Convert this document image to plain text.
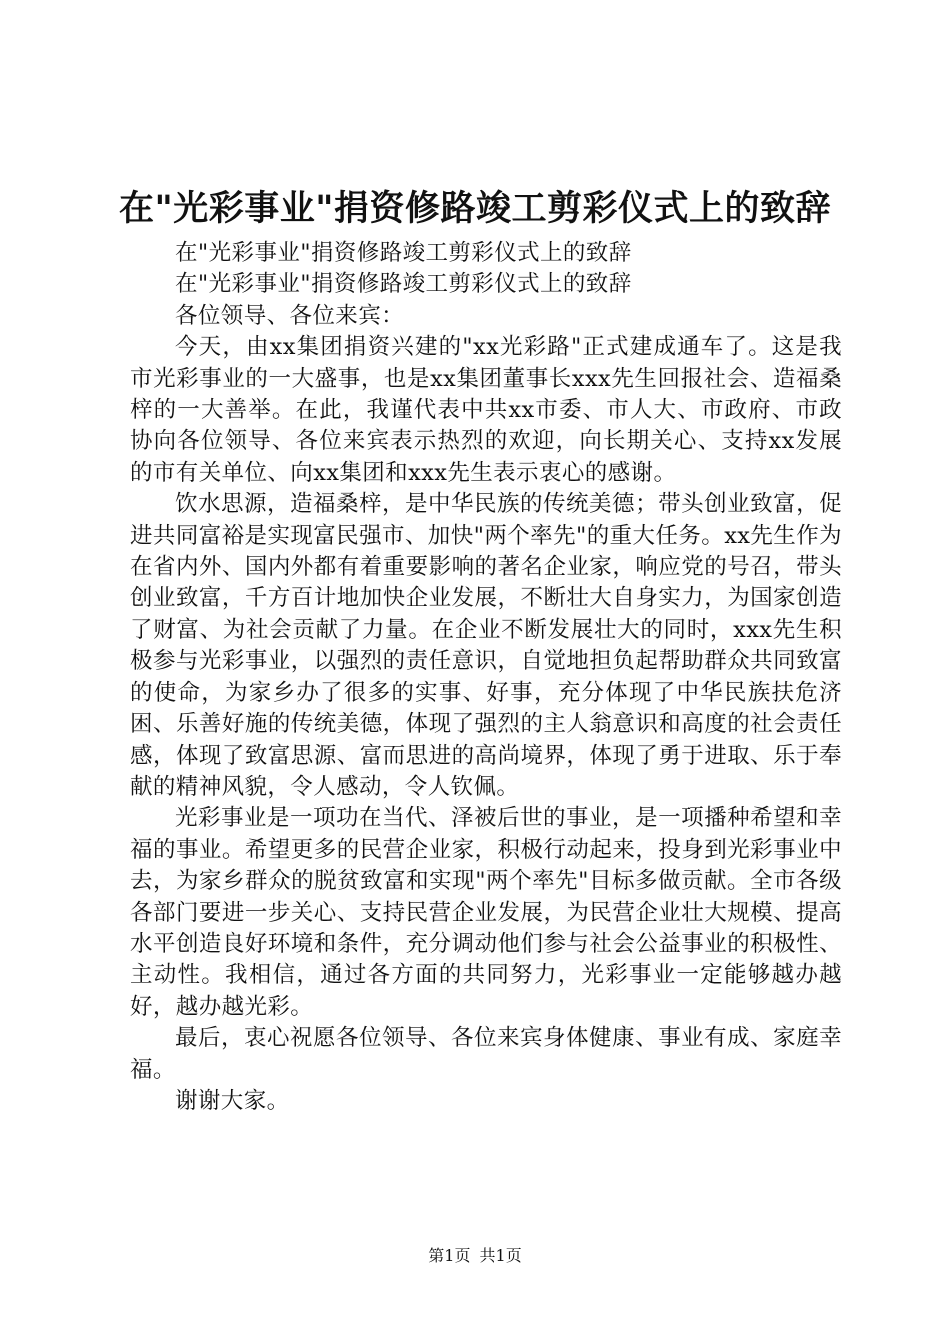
在"光彩事业"捐资修路竣工剪彩仪式上的致辞

在"光彩事业"捐资修路竣工剪彩仪式上的致辞

在"光彩事业"捐资修路竣工剪彩仪式上的致辞

各位领导、各位来宾：

今天，由xx集团捐资兴建的"xx光彩路"正式建成通车了。这是我市光彩事业的一大盛事，也是xx集团董事长xxx先生回报社会、造福桑梓的一大善举。在此，我谨代表中共xx市委、市人大、市政府、市政协向各位领导、各位来宾表示热烈的欢迎，向长期关心、支持xx发展的市有关单位、向xx集团和xxx先生表示衷心的感谢。

饮水思源，造福桑梓，是中华民族的传统美德；带头创业致富，促进共同富裕是实现富民强市、加快"两个率先"的重大任务。xx先生作为在省内外、国内外都有着重要影响的著名企业家，响应党的号召，带头创业致富，千方百计地加快企业发展，不断壮大自身实力，为国家创造了财富、为社会贡献了力量。在企业不断发展壮大的同时，xxx先生积极参与光彩事业，以强烈的责任意识，自觉地担负起帮助群众共同致富的使命，为家乡办了很多的实事、好事，充分体现了中华民族扶危济困、乐善好施的传统美德，体现了强烈的主人翁意识和高度的社会责任感，体现了致富思源、富而思进的高尚境界，体现了勇于进取、乐于奉献的精神风貌，令人感动，令人钦佩。

光彩事业是一项功在当代、泽被后世的事业，是一项播种希望和幸福的事业。希望更多的民营企业家，积极行动起来，投身到光彩事业中去，为家乡群众的脱贫致富和实现"两个率先"目标多做贡献。全市各级各部门要进一步关心、支持民营企业发展，为民营企业壮大规模、提高水平创造良好环境和条件，充分调动他们参与社会公益事业的积极性、主动性。我相信，通过各方面的共同努力，光彩事业一定能够越办越好，越办越光彩。

最后，衷心祝愿各位领导、各位来宾身体健康、事业有成、家庭幸福。

谢谢大家。

第1页 共1页
